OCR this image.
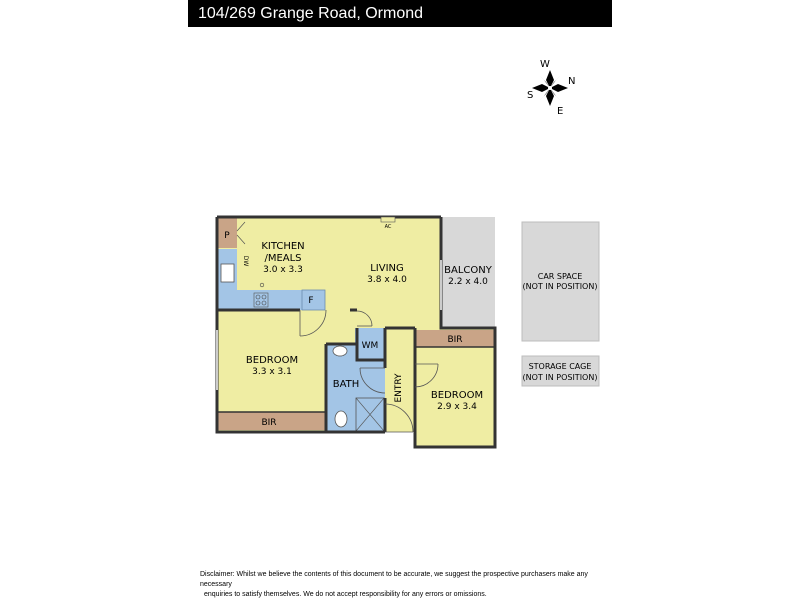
104/269 Grange Road, Ormond
W
N
S
E
KITCHEN
/MEALS
3.0 x 3.3	LIVING
3.8 x 4.0
BALCONY
2.2 x 4.0
BEDROOM
3.3 x 3.1
BEDROOM
2.9 x 3.4
BATH	ENTRY
P
DW
F
WM
AC
BIR
BIR
CAR SPACE
(NOT IN POSITION)
STORAGE CAGE
(NOT IN POSITION)
Disclaimer: Whilst we believe the contents of this document to be accurate, we suggest the prospective purchasers make any necessary
enquiries to satisfy themselves. We do not accept responsibility for any errors or omissions.
